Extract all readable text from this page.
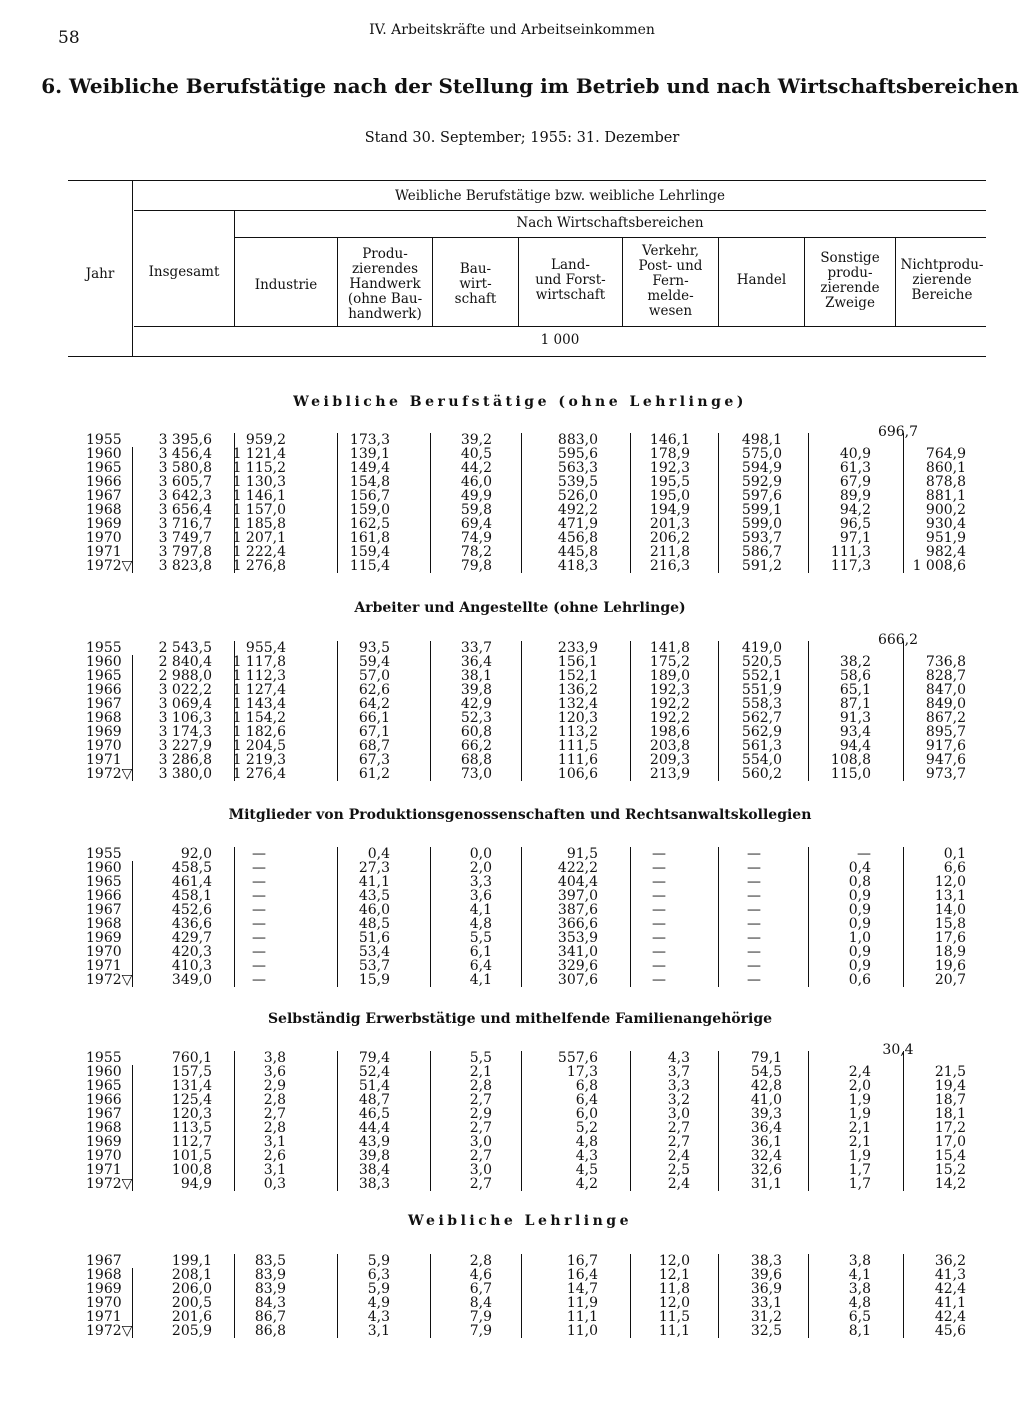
58	IV. Arbeitskräfte und Arbeitseinkommen
6. Weibliche Berufstätige nach der Stellung im Betrieb und nach Wirtschaftsbereichen
Stand 30. September; 1955: 31. Dezember
Weibliche Berufstätige bzw. weibliche Lehrlinge
Nach Wirtschaftsbereichen
Jahr	Insgesamt
Industrie
Produ-
zierendes
Handwerk
(ohne Bau-
handwerk)
Bau-
wirt-
schaft
Land-
und Forst-
wirtschaft
Verkehr,
Post- und
Fern-
melde-
wesen
Handel
Sonstige
produ-
zierende
Zweige
Nichtprodu-
zierende
Bereiche
1 000
Weibliche Berufstätige (ohne Lehrlinge)
Arbeiter und Angestellte (ohne Lehrlinge)
Mitglieder von Produktionsgenossenschaften und Rechtsanwaltskollegien
Selbständig Erwerbstätige und mithelfende Familienangehörige
Weibliche Lehrlinge
1955
1960
1965
1966
1967
1968
1969
1970
1971
1972▽
3 395,6
3 456,4
3 580,8
3 605,7
3 642,3
3 656,4
3 716,7
3 749,7
3 797,8
3 823,8
959,2
1 121,4
1 115,2
1 130,3
1 146,1
1 157,0
1 185,8
1 207,1
1 222,4
1 276,8
173,3
139,1
149,4
154,8
156,7
159,0
162,5
161,8
159,4
115,4
39,2
40,5
44,2
46,0
49,9
59,8
69,4
74,9
78,2
79,8
883,0
595,6
563,3
539,5
526,0
492,2
471,9
456,8
445,8
418,3
146,1
178,9
192,3
195,5
195,0
194,9
201,3
206,2
211,8
216,3
498,1
575,0
594,9
592,9
597,6
599,1
599,0
593,7
586,7
591,2
40,9
61,3
67,9
89,9
94,2
96,5
97,1
111,3
117,3
764,9
860,1
878,8
881,1
900,2
930,4
951,9
982,4
1 008,6
696,7
1955
1960
1965
1966
1967
1968
1969
1970
1971
1972▽
2 543,5
2 840,4
2 988,0
3 022,2
3 069,4
3 106,3
3 174,3
3 227,9
3 286,8
3 380,0
955,4
1 117,8
1 112,3
1 127,4
1 143,4
1 154,2
1 182,6
1 204,5
1 219,3
1 276,4
93,5
59,4
57,0
62,6
64,2
66,1
67,1
68,7
67,3
61,2
33,7
36,4
38,1
39,8
42,9
52,3
60,8
66,2
68,8
73,0
233,9
156,1
152,1
136,2
132,4
120,3
113,2
111,5
111,6
106,6
141,8
175,2
189,0
192,3
192,2
192,2
198,6
203,8
209,3
213,9
419,0
520,5
552,1
551,9
558,3
562,7
562,9
561,3
554,0
560,2
38,2
58,6
65,1
87,1
91,3
93,4
94,4
108,8
115,0
736,8
828,7
847,0
849,0
867,2
895,7
917,6
947,6
973,7
666,2
1955
1960
1965
1966
1967
1968
1969
1970
1971
1972▽
92,0
458,5
461,4
458,1
452,6
436,6
429,7
420,3
410,3
349,0
—
—
—
—
—
—
—
—
—
—
0,4
27,3
41,1
43,5
46,0
48,5
51,6
53,4
53,7
15,9
0,0
2,0
3,3
3,6
4,1
4,8
5,5
6,1
6,4
4,1
91,5
422,2
404,4
397,0
387,6
366,6
353,9
341,0
329,6
307,6
—
—
—
—
—
—
—
—
—
—
—
—
—
—
—
—
—
—
—
—
—
0,4
0,8
0,9
0,9
0,9
1,0
0,9
0,9
0,6
0,1
6,6
12,0
13,1
14,0
15,8
17,6
18,9
19,6
20,7
1955
1960
1965
1966
1967
1968
1969
1970
1971
1972▽
760,1
157,5
131,4
125,4
120,3
113,5
112,7
101,5
100,8
94,9
3,8
3,6
2,9
2,8
2,7
2,8
3,1
2,6
3,1
0,3
79,4
52,4
51,4
48,7
46,5
44,4
43,9
39,8
38,4
38,3
5,5
2,1
2,8
2,7
2,9
2,7
3,0
2,7
3,0
2,7
557,6
17,3
6,8
6,4
6,0
5,2
4,8
4,3
4,5
4,2
4,3
3,7
3,3
3,2
3,0
2,7
2,7
2,4
2,5
2,4
79,1
54,5
42,8
41,0
39,3
36,4
36,1
32,4
32,6
31,1
2,4
2,0
1,9
1,9
2,1
2,1
1,9
1,7
1,7
21,5
19,4
18,7
18,1
17,2
17,0
15,4
15,2
14,2
30,4
1967
1968
1969
1970
1971
1972▽
199,1
208,1
206,0
200,5
201,6
205,9
83,5
83,9
83,9
84,3
86,7
86,8
5,9
6,3
5,9
4,9
4,3
3,1
2,8
4,6
6,7
8,4
7,9
7,9
16,7
16,4
14,7
11,9
11,1
11,0
12,0
12,1
11,8
12,0
11,5
11,1
38,3
39,6
36,9
33,1
31,2
32,5
3,8
4,1
3,8
4,8
6,5
8,1
36,2
41,3
42,4
41,1
42,4
45,6
